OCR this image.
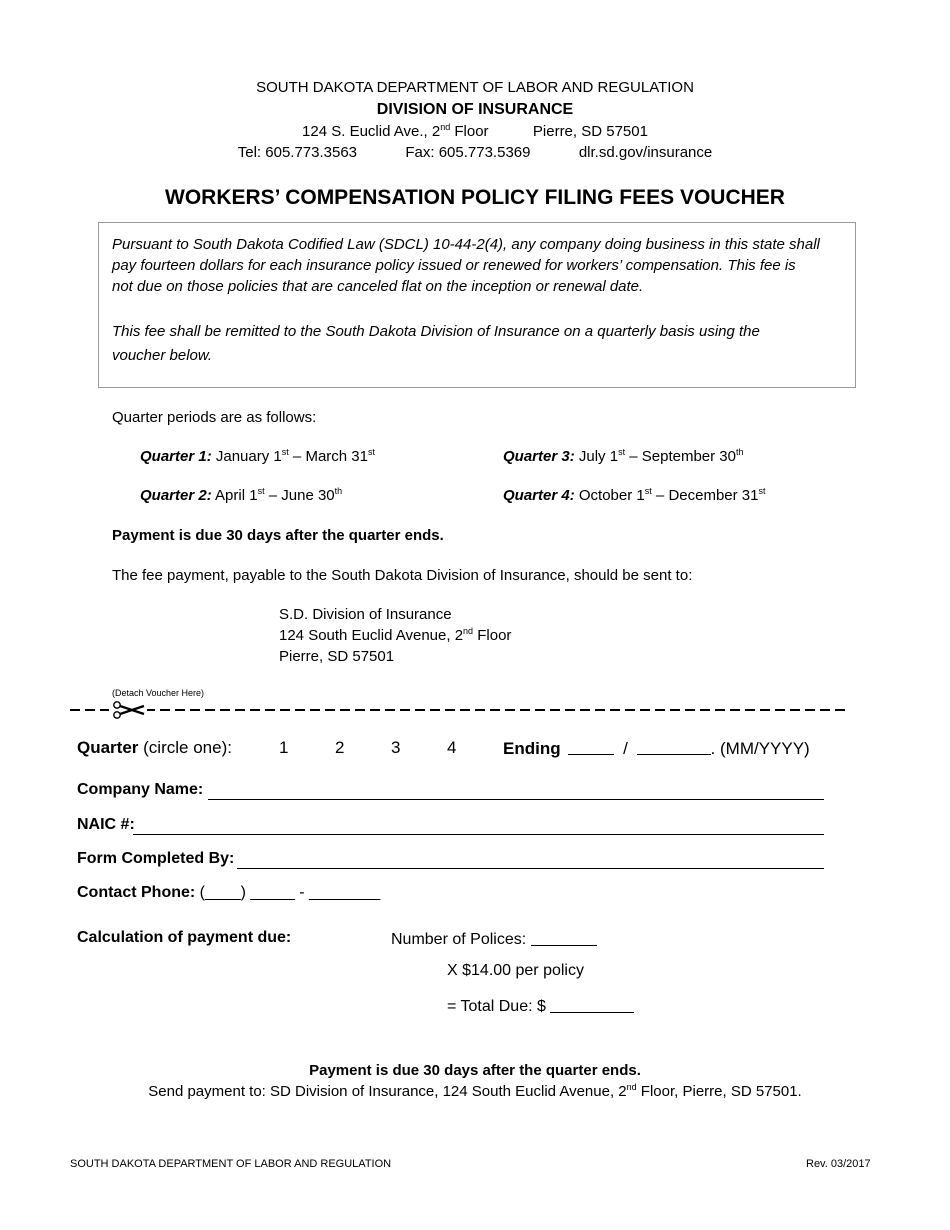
SOUTH DAKOTA DEPARTMENT OF LABOR AND REGULATION
DIVISION OF INSURANCE
124 S. Euclid Ave., 2nd Floor	Pierre, SD 57501
Tel: 605.773.3563	Fax: 605.773.5369	dlr.sd.gov/insurance
WORKERS’ COMPENSATION POLICY FILING FEES VOUCHER
Pursuant to South Dakota Codified Law (SDCL) 10-44-2(4), any company doing business in this state shall
pay fourteen dollars for each insurance policy issued or renewed for workers’ compensation. This fee is
not due on those policies that are canceled flat on the inception or renewal date.
This fee shall be remitted to the South Dakota Division of Insurance on a quarterly basis using the
voucher below.
Quarter periods are as follows:
Quarter 1: January 1st – March 31st	Quarter 3: July 1st – September 30th
Quarter 2: April 1st – June 30th	Quarter 4: October 1st – December 31st
Payment is due 30 days after the quarter ends.
The fee payment, payable to the South Dakota Division of Insurance, should be sent to:
S.D. Division of Insurance
124 South Euclid Avenue, 2nd Floor
Pierre, SD 57501
(Detach Voucher Here)
Quarter (circle one):	1	2	3	4	Ending	/	. (MM/YYYY)
Company Name:
NAIC #:
Form Completed By:
Contact Phone: (____) _____ - ________
Calculation of payment due:	Number of Polices:
X $14.00 per policy
= Total Due: $
Payment is due 30 days after the quarter ends.
Send payment to: SD Division of Insurance, 124 South Euclid Avenue, 2nd Floor, Pierre, SD 57501.
SOUTH DAKOTA DEPARTMENT OF LABOR AND REGULATION	Rev. 03/2017
